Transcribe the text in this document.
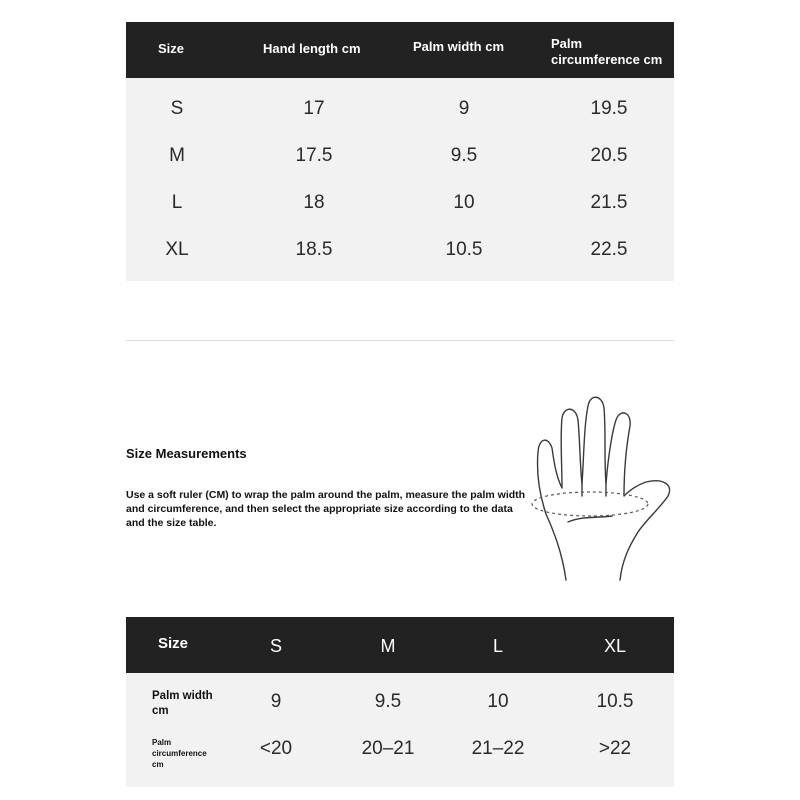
Size	Hand length cm	Palm width cm	Palm
circumference cm
S	17	9	19.5
M	17.5	9.5	20.5
L	18	10	21.5
XL	18.5	10.5	22.5
Size Measurements
Use a soft ruler (CM) to wrap the palm around the palm, measure the palm width and circumference, and then select the appropriate size according to the data and the size table.
Size	S	M	L	XL
Palm width
cm	9	9.5	10	10.5
Palm
circumference
cm
<20	20–21	21–22	>22
